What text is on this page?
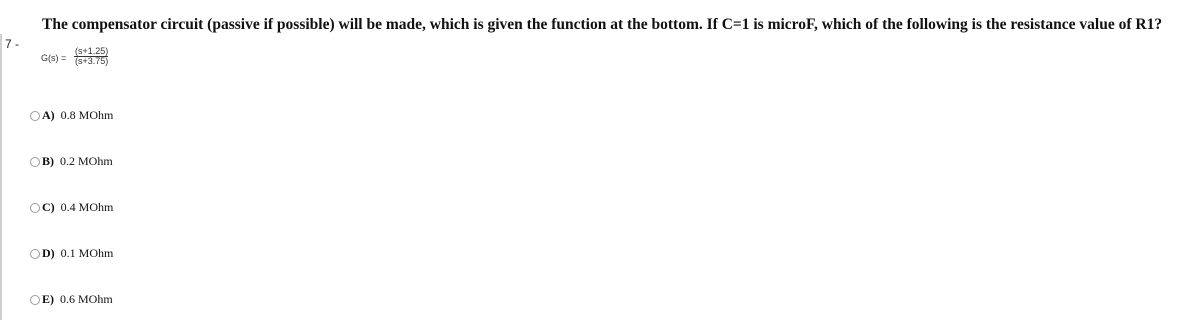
7 -
The compensator circuit (passive if possible) will be made, which is given the function at the bottom. If C=1 is microF, which of the following is the resistance value of R1?
G(s) =
(s+1.25)
(s+3.75)
A) 0.8 MOhm
B) 0.2 MOhm
C) 0.4 MOhm
D) 0.1 MOhm
E) 0.6 MOhm
